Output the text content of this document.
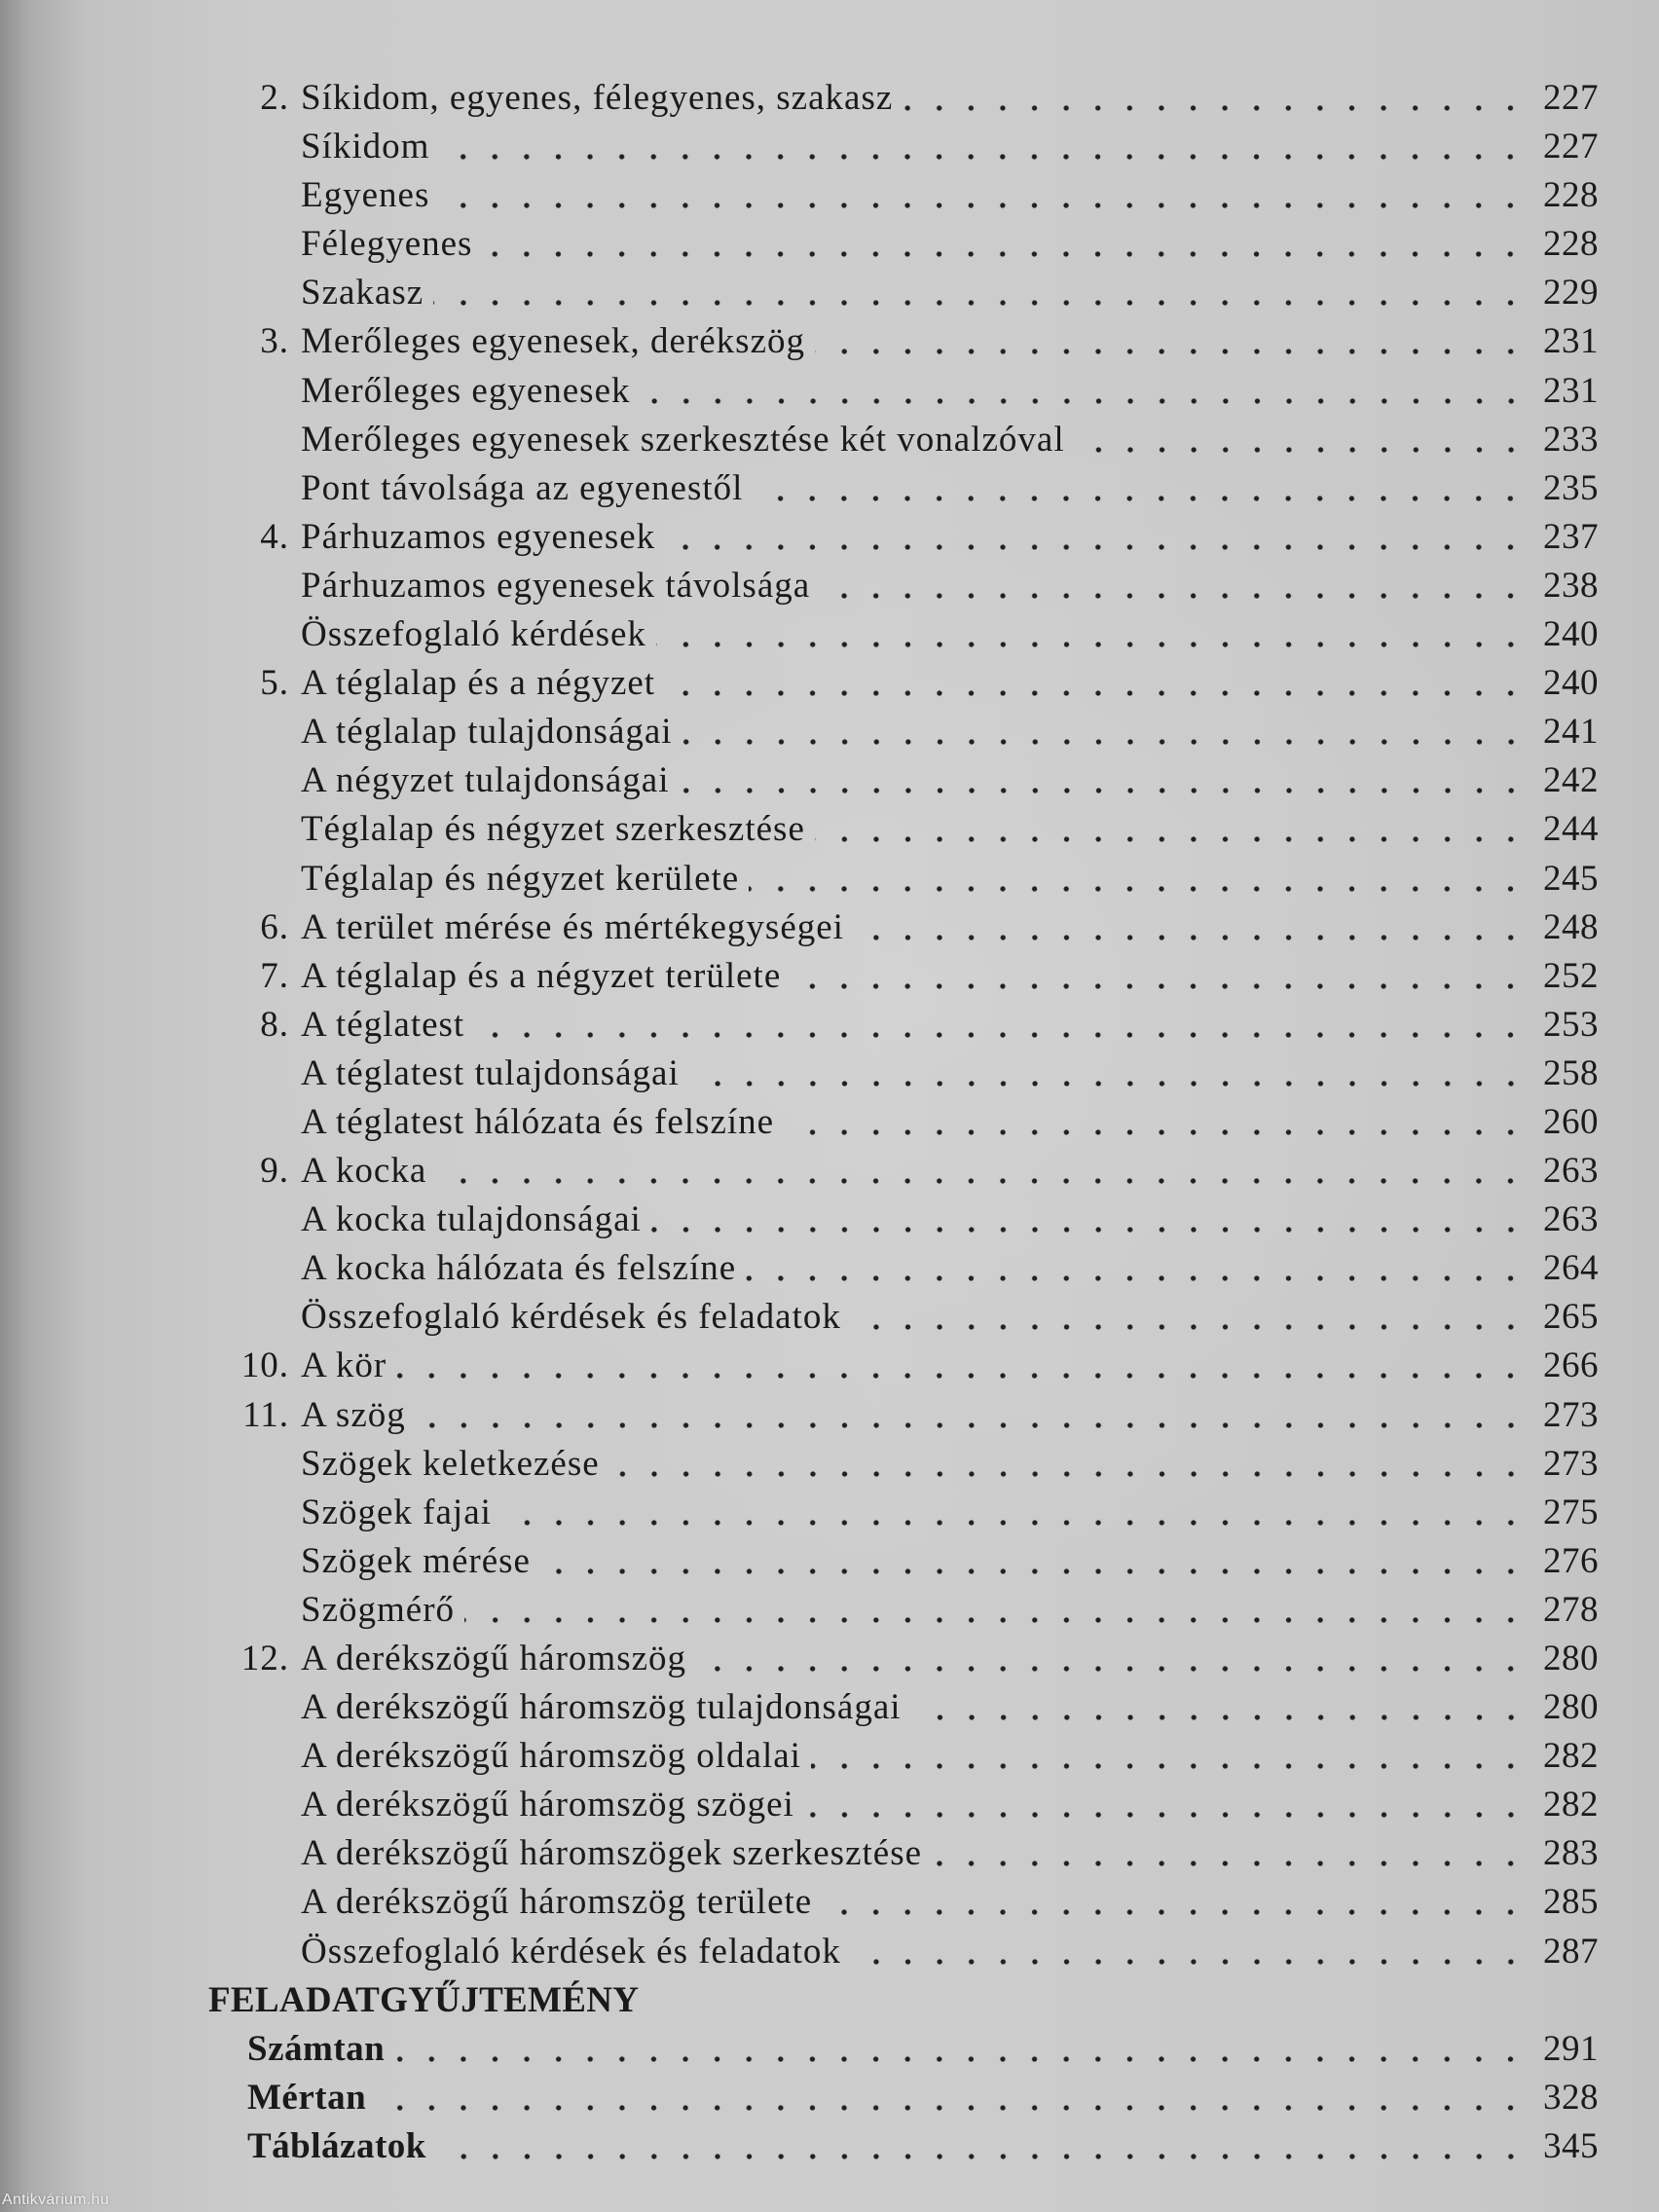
2. Síkidom, egyenes, félegyenes, szakasz	227
Síkidom	227
Egyenes	228
Félegyenes	228
Szakasz	229
3. Merőleges egyenesek, derékszög	231
Merőleges egyenesek	231
Merőleges egyenesek szerkesztése két vonalzóval	233
Pont távolsága az egyenestől	235
4. Párhuzamos egyenesek	237
Párhuzamos egyenesek távolsága	238
Összefoglaló kérdések	240
5. A téglalap és a négyzet	240
A téglalap tulajdonságai	241
A négyzet tulajdonságai	242
Téglalap és négyzet szerkesztése	244
Téglalap és négyzet kerülete	245
6. A terület mérése és mértékegységei	248
7. A téglalap és a négyzet területe	252
8. A téglatest	253
A téglatest tulajdonságai	258
A téglatest hálózata és felszíne	260
9. A kocka	263
A kocka tulajdonságai	263
A kocka hálózata és felszíne	264
Összefoglaló kérdések és feladatok	265
10. A kör	266
11. A szög	273
Szögek keletkezése	273
Szögek fajai	275
Szögek mérése	276
Szögmérő	278
12. A derékszögű háromszög	280
A derékszögű háromszög tulajdonságai	280
A derékszögű háromszög oldalai	282
A derékszögű háromszög szögei	282
A derékszögű háromszögek szerkesztése	283
A derékszögű háromszög területe	285
Összefoglaló kérdések és feladatok	287
FELADATGYŰJTEMÉNY
Számtan	291
Mértan	328
Táblázatok	345
Antikvárium.hu
